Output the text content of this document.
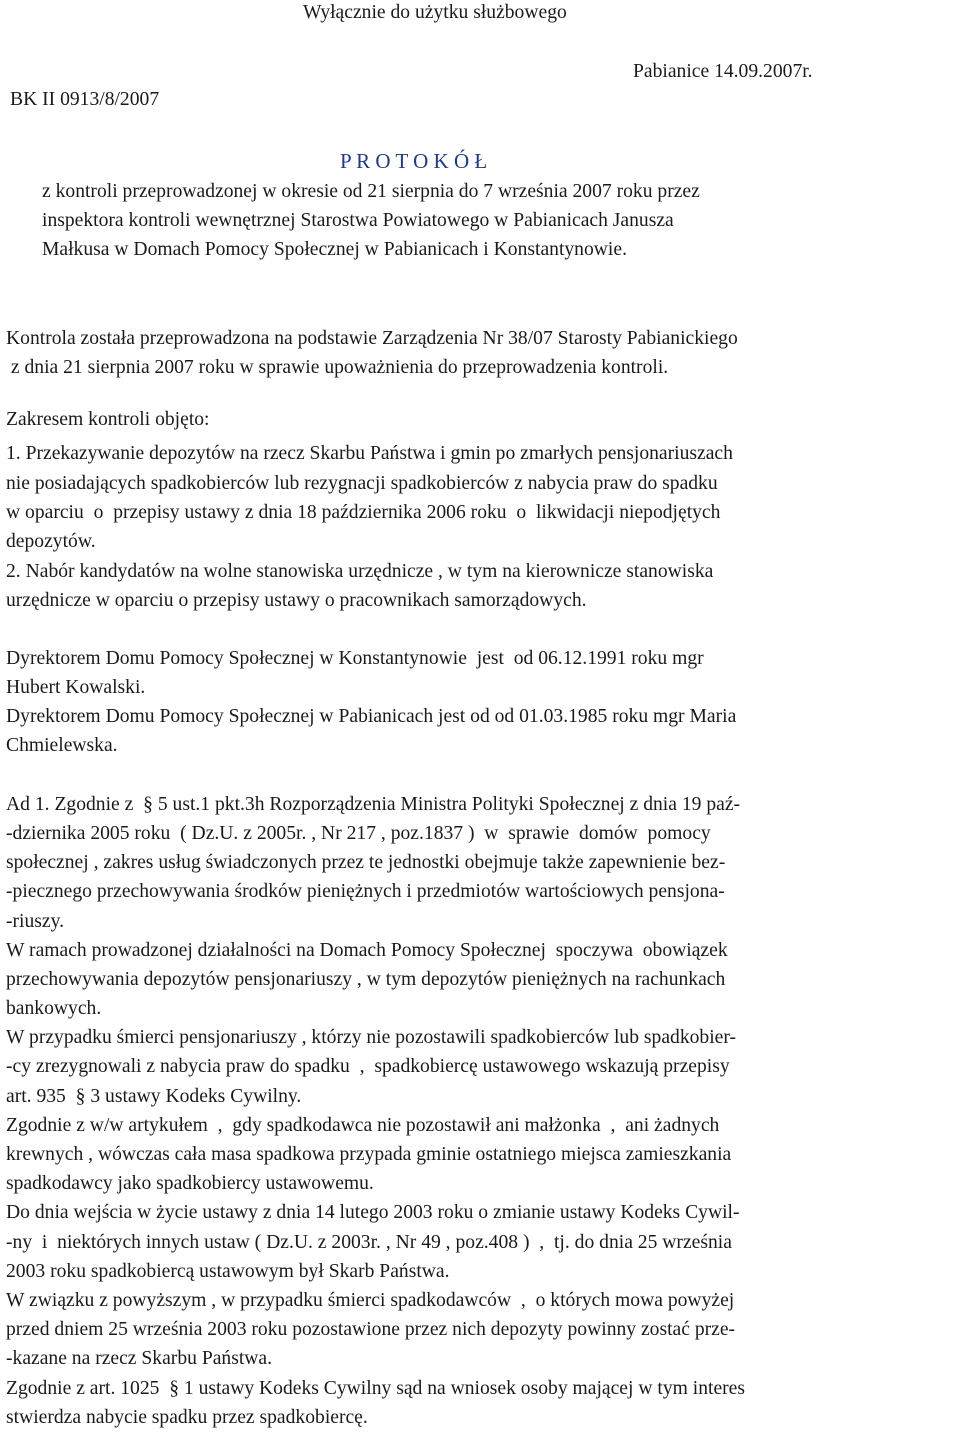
Wyłącznie do użytku służbowego
Pabianice 14.09.2007r.
BK II 0913/8/2007
P R O T O K Ó Ł
z kontroli przeprowadzonej w okresie od 21 sierpnia do 7 września 2007 roku przez
inspektora kontroli wewnętrznej Starostwa Powiatowego w Pabianicach Janusza
Małkusa w Domach Pomocy Społecznej w Pabianicach i Konstantynowie.
Kontrola została przeprowadzona na podstawie Zarządzenia Nr 38/07 Starosty Pabianickiego
z dnia 21 sierpnia 2007 roku w sprawie upoważnienia do przeprowadzenia kontroli.
Zakresem kontroli objęto:
1. Przekazywanie depozytów na rzecz Skarbu Państwa i gmin po zmarłych pensjonariuszach
nie posiadających spadkobierców lub rezygnacji spadkobierców z nabycia praw do spadku
w oparciu  o  przepisy ustawy z dnia 18 października 2006 roku  o  likwidacji niepodjętych
depozytów.
2. Nabór kandydatów na wolne stanowiska urzędnicze , w tym na kierownicze stanowiska
urzędnicze w oparciu o przepisy ustawy o pracownikach samorządowych.
Dyrektorem Domu Pomocy Społecznej w Konstantynowie  jest  od 06.12.1991 roku mgr
Hubert Kowalski.
Dyrektorem Domu Pomocy Społecznej w Pabianicach jest od od 01.03.1985 roku mgr Maria
Chmielewska.
Ad 1. Zgodnie z  § 5 ust.1 pkt.3h Rozporządzenia Ministra Polityki Społecznej z dnia 19 paź-
-dziernika 2005 roku  ( Dz.U. z 2005r. , Nr 217 , poz.1837 )  w  sprawie  domów  pomocy
społecznej , zakres usług świadczonych przez te jednostki obejmuje także zapewnienie bez-
-piecznego przechowywania środków pieniężnych i przedmiotów wartościowych pensjona-
-riuszy.
W ramach prowadzonej działalności na Domach Pomocy Społecznej  spoczywa  obowiązek
przechowywania depozytów pensjonariuszy , w tym depozytów pieniężnych na rachunkach
bankowych.
W przypadku śmierci pensjonariuszy , którzy nie pozostawili spadkobierców lub spadkobier-
-cy zrezygnowali z nabycia praw do spadku  ,  spadkobiercę ustawowego wskazują przepisy
art. 935  § 3 ustawy Kodeks Cywilny.
Zgodnie z w/w artykułem  ,  gdy spadkodawca nie pozostawił ani małżonka  ,  ani żadnych
krewnych , wówczas cała masa spadkowa przypada gminie ostatniego miejsca zamieszkania
spadkodawcy jako spadkobiercy ustawowemu.
Do dnia wejścia w życie ustawy z dnia 14 lutego 2003 roku o zmianie ustawy Kodeks Cywil-
-ny  i  niektórych innych ustaw ( Dz.U. z 2003r. , Nr 49 , poz.408 )  ,  tj. do dnia 25 września
2003 roku spadkobiercą ustawowym był Skarb Państwa.
W związku z powyższym , w przypadku śmierci spadkodawców  ,  o których mowa powyżej
przed dniem 25 września 2003 roku pozostawione przez nich depozyty powinny zostać prze-
-kazane na rzecz Skarbu Państwa.
Zgodnie z art. 1025  § 1 ustawy Kodeks Cywilny sąd na wniosek osoby mającej w tym interes
stwierdza nabycie spadku przez spadkobiercę.
